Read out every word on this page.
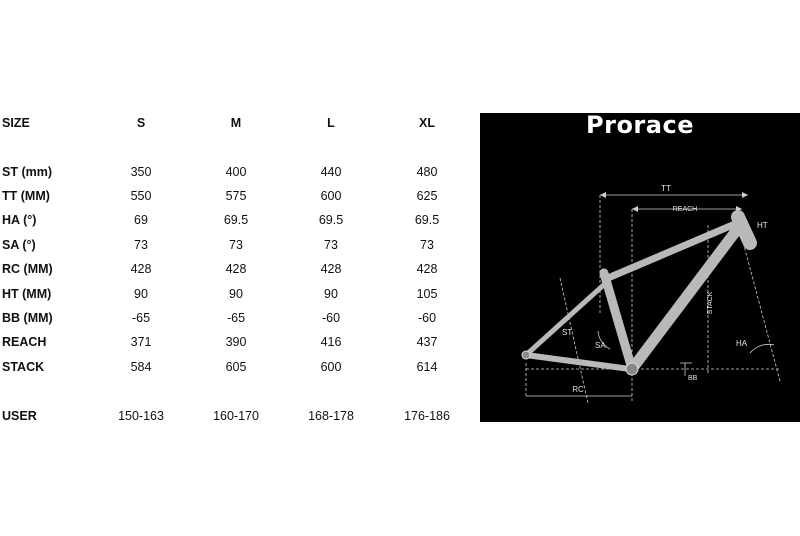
SIZE	S	M	L	XL
ST (mm)	350	400	440	480
TT (MM)	550	575	600	625
HA (°)	69	69.5	69.5	69.5
SA (°)	73	73	73	73
RC (MM)	428	428	428	428
HT (MM)	90	90	90	105
BB (MM)	-65	-65	-60	-60
REACH	371	390	416	437
STACK	584	605	600	614
USER	150-163	160-170	168-178	176-186
Prorace
TT
REACH
HT
STACK
ST
SA	HA
BB
RC
